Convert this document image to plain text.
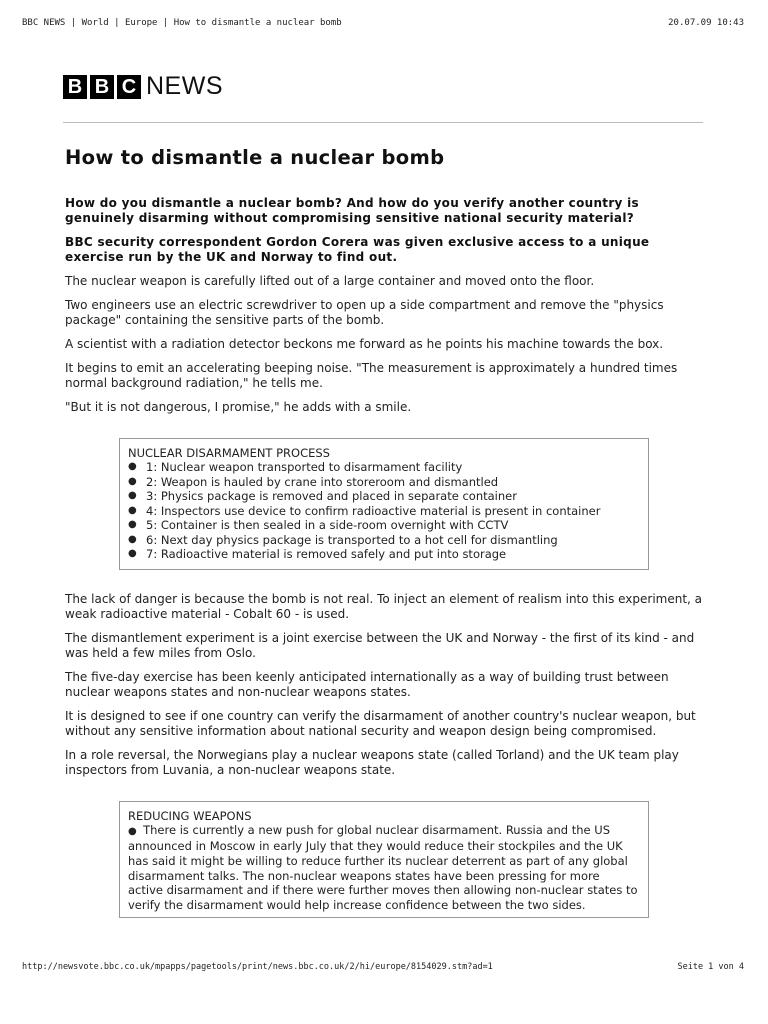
BBC NEWS | World | Europe | How to dismantle a nuclear bomb	20.07.09 10:43
B B C NEWS
How to dismantle a nuclear bomb

How do you dismantle a nuclear bomb? And how do you verify another country is genuinely disarming without compromising sensitive national security material?

BBC security correspondent Gordon Corera was given exclusive access to a unique exercise run by the UK and Norway to find out.

The nuclear weapon is carefully lifted out of a large container and moved onto the floor.

Two engineers use an electric screwdriver to open up a side compartment and remove the "physics package" containing the sensitive parts of the bomb.

A scientist with a radiation detector beckons me forward as he points his machine towards the box.

It begins to emit an accelerating beeping noise. "The measurement is approximately a hundred times normal background radiation," he tells me.

"But it is not dangerous, I promise," he adds with a smile.

NUCLEAR DISARMAMENT PROCESS
● 1: Nuclear weapon transported to disarmament facility
● 2: Weapon is hauled by crane into storeroom and dismantled
● 3: Physics package is removed and placed in separate container
● 4: Inspectors use device to confirm radioactive material is present in container
● 5: Container is then sealed in a side-room overnight with CCTV
● 6: Next day physics package is transported to a hot cell for dismantling
● 7: Radioactive material is removed safely and put into storage

The lack of danger is because the bomb is not real. To inject an element of realism into this experiment, a weak radioactive material - Cobalt 60 - is used.

The dismantlement experiment is a joint exercise between the UK and Norway - the first of its kind - and was held a few miles from Oslo.

The five-day exercise has been keenly anticipated internationally as a way of building trust between nuclear weapons states and non-nuclear weapons states.

It is designed to see if one country can verify the disarmament of another country's nuclear weapon, but without any sensitive information about national security and weapon design being compromised.

In a role reversal, the Norwegians play a nuclear weapons state (called Torland) and the UK team play inspectors from Luvania, a non-nuclear weapons state.

REDUCING WEAPONS
●  There is currently a new push for global nuclear disarmament. Russia and the US announced in Moscow in early July that they would reduce their stockpiles and the UK has said it might be willing to reduce further its nuclear deterrent as part of any global disarmament talks. The non-nuclear weapons states have been pressing for more active disarmament and if there were further moves then allowing non-nuclear states to verify the disarmament would help increase confidence between the two sides.
http://newsvote.bbc.co.uk/mpapps/pagetools/print/news.bbc.co.uk/2/hi/europe/8154029.stm?ad=1	Seite 1 von 4
